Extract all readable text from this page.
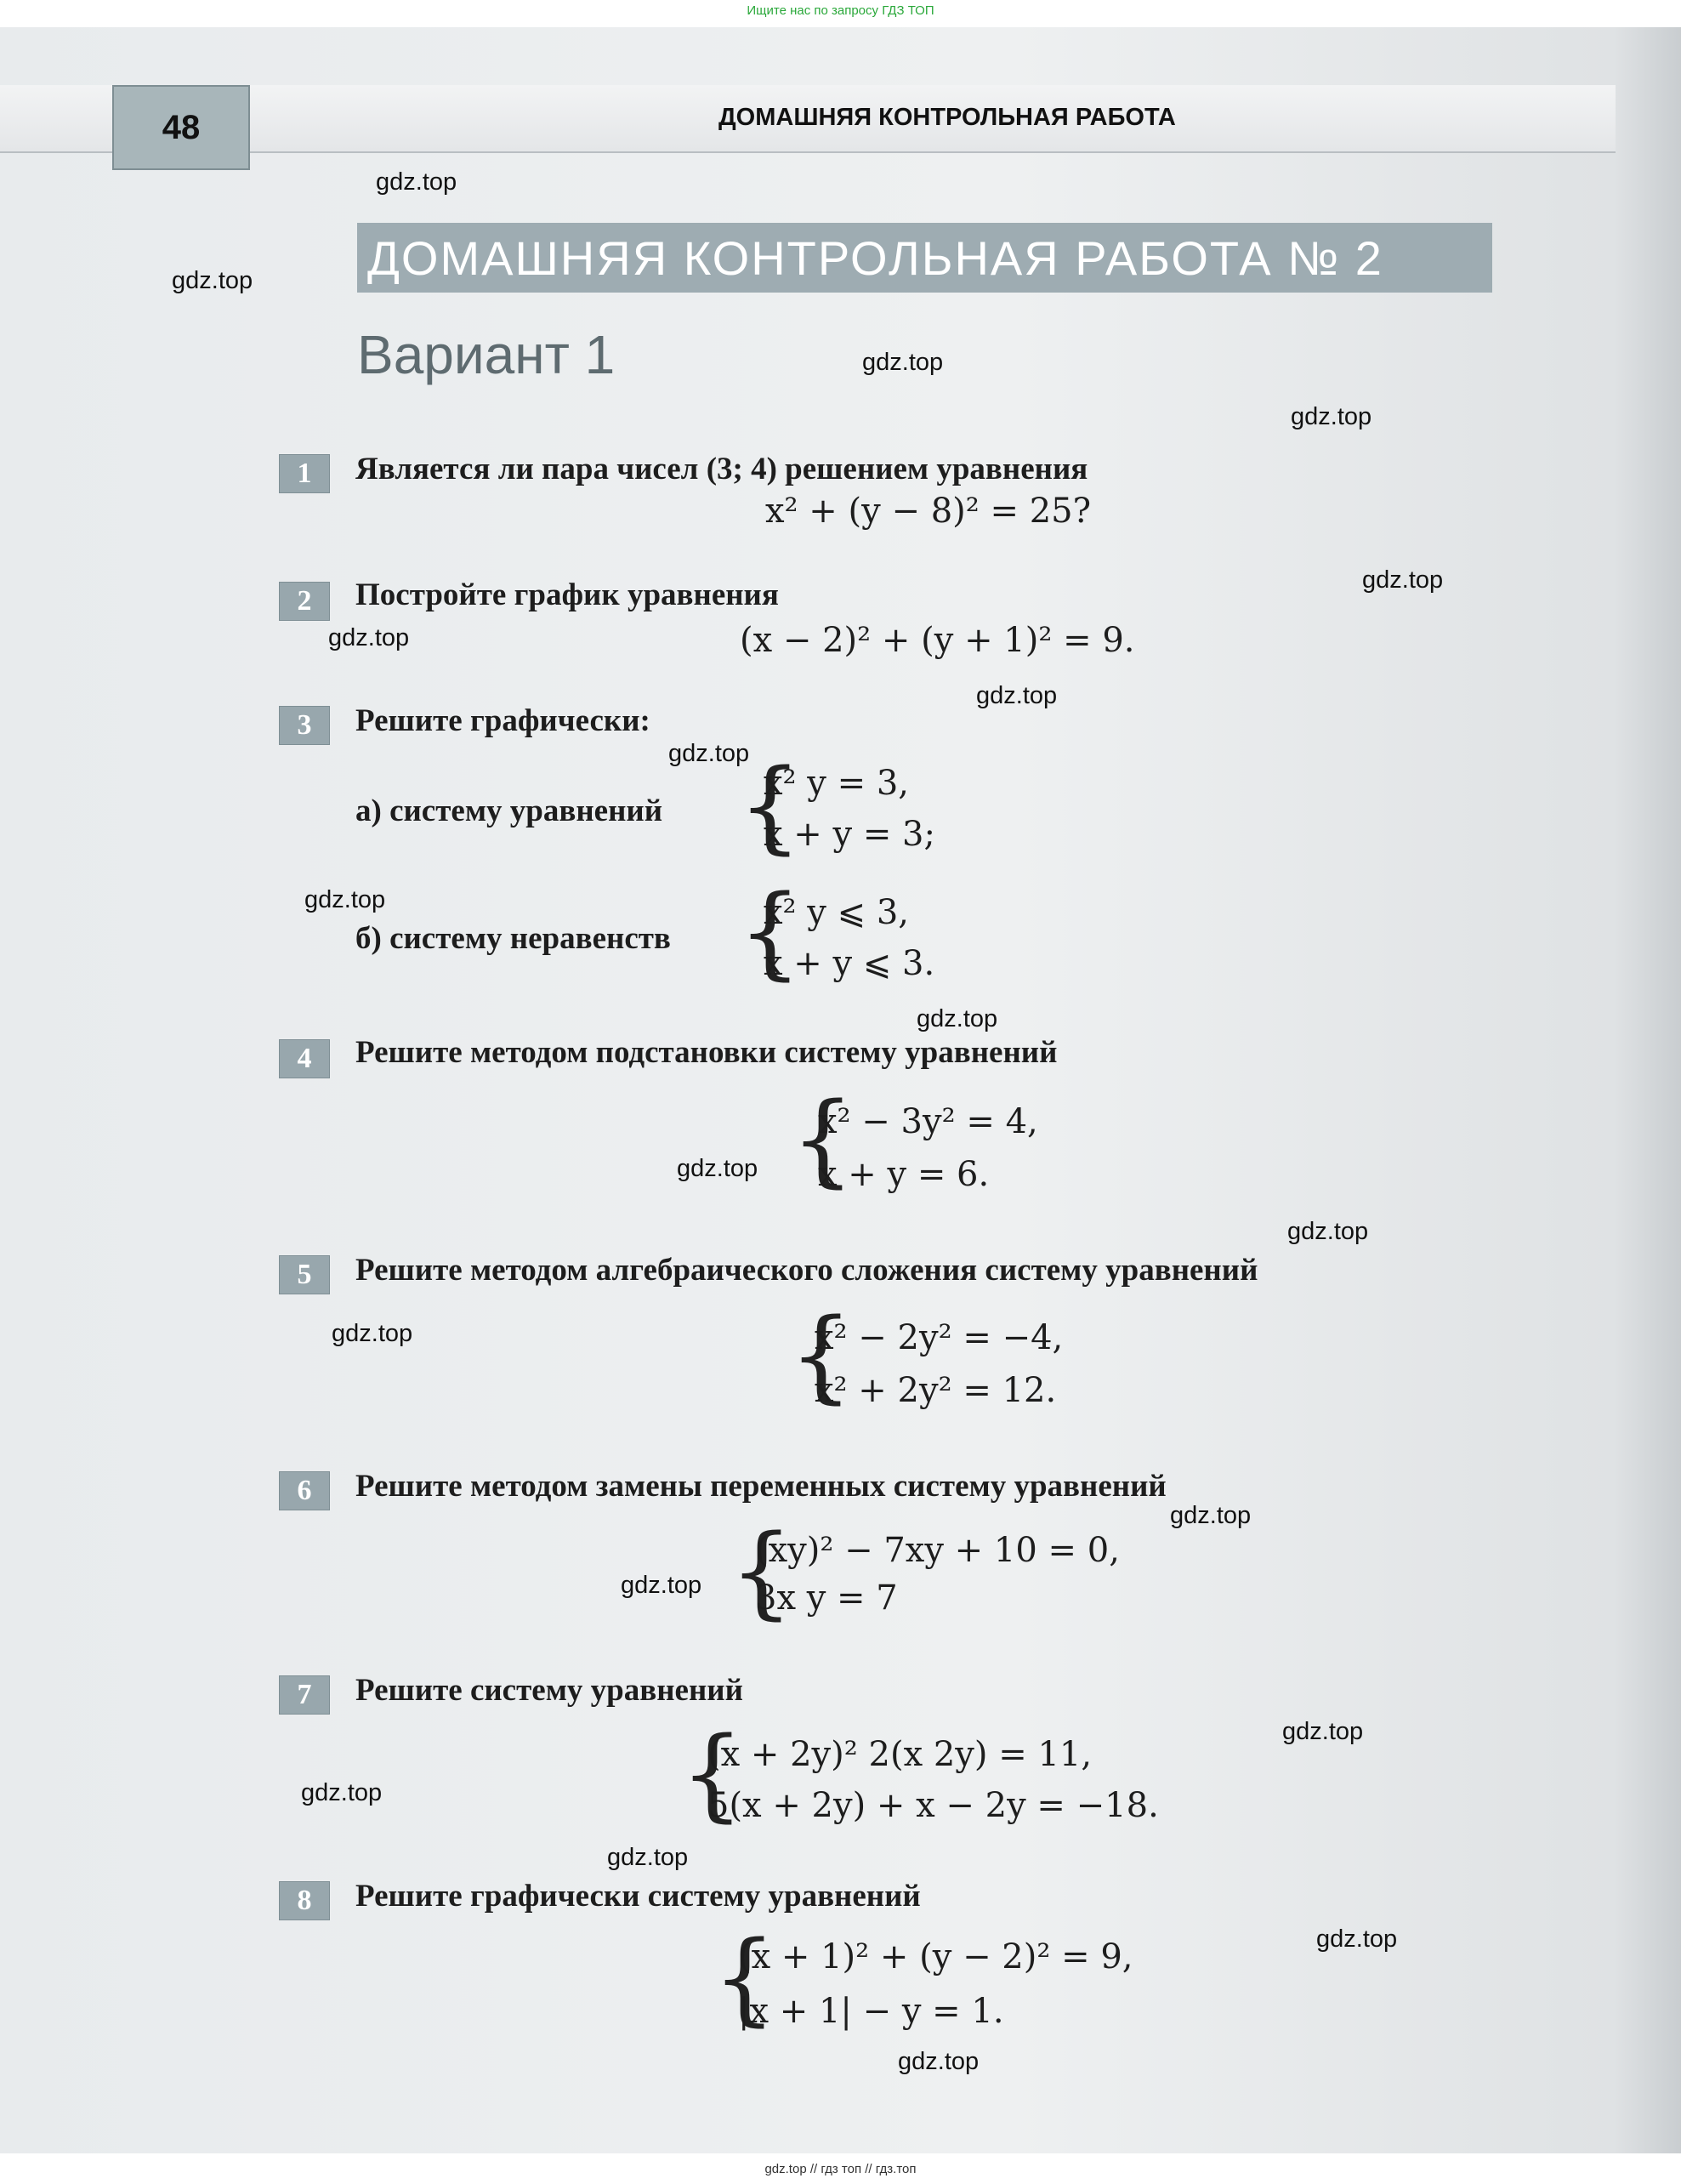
Ищите нас по запросу ГДЗ ТОП
48	ДОМАШНЯЯ КОНТРОЛЬНАЯ РАБОТА
ДОМАШНЯЯ КОНТРОЛЬНАЯ РАБОТА № 2
Вариант 1
1	Является ли пара чисел (3; 4) решением уравнения
x² + (y − 8)² = 25?
2	Постройте график уравнения
(x − 2)² + (y + 1)² = 9.
3	Решите графически:
а) систему уравнений {
x² y = 3,
x + y = 3;
б) систему неравенств {
x² y ⩽ 3,
x + y ⩽ 3.
4	Решите методом подстановки систему уравнений
{
x² − 3y² = 4,
x + y = 6.
5	Решите методом алгебраического сложения систему уравнений
{
x² − 2y² = −4,
x² + 2y² = 12.
6	Решите методом замены переменных систему уравнений
{
(xy)² − 7xy + 10 = 0,
3x y = 7
7	Решите систему уравнений
{
(x + 2y)² 2(x 2y) = 11,
5(x + 2y) + x − 2y = −18.
8	Решите графически систему уравнений
{
(x + 1)² + (y − 2)² = 9,
|x + 1| − y = 1.
gdz.top
gdz.top
gdz.top
gdz.top
gdz.top
gdz.top
gdz.top
gdz.top
gdz.top
gdz.top
gdz.top
gdz.top
gdz.top
gdz.top
gdz.top
gdz.top
gdz.top
gdz.top
gdz.top
gdz.top
gdz.top // гдз топ // гдз.топ
